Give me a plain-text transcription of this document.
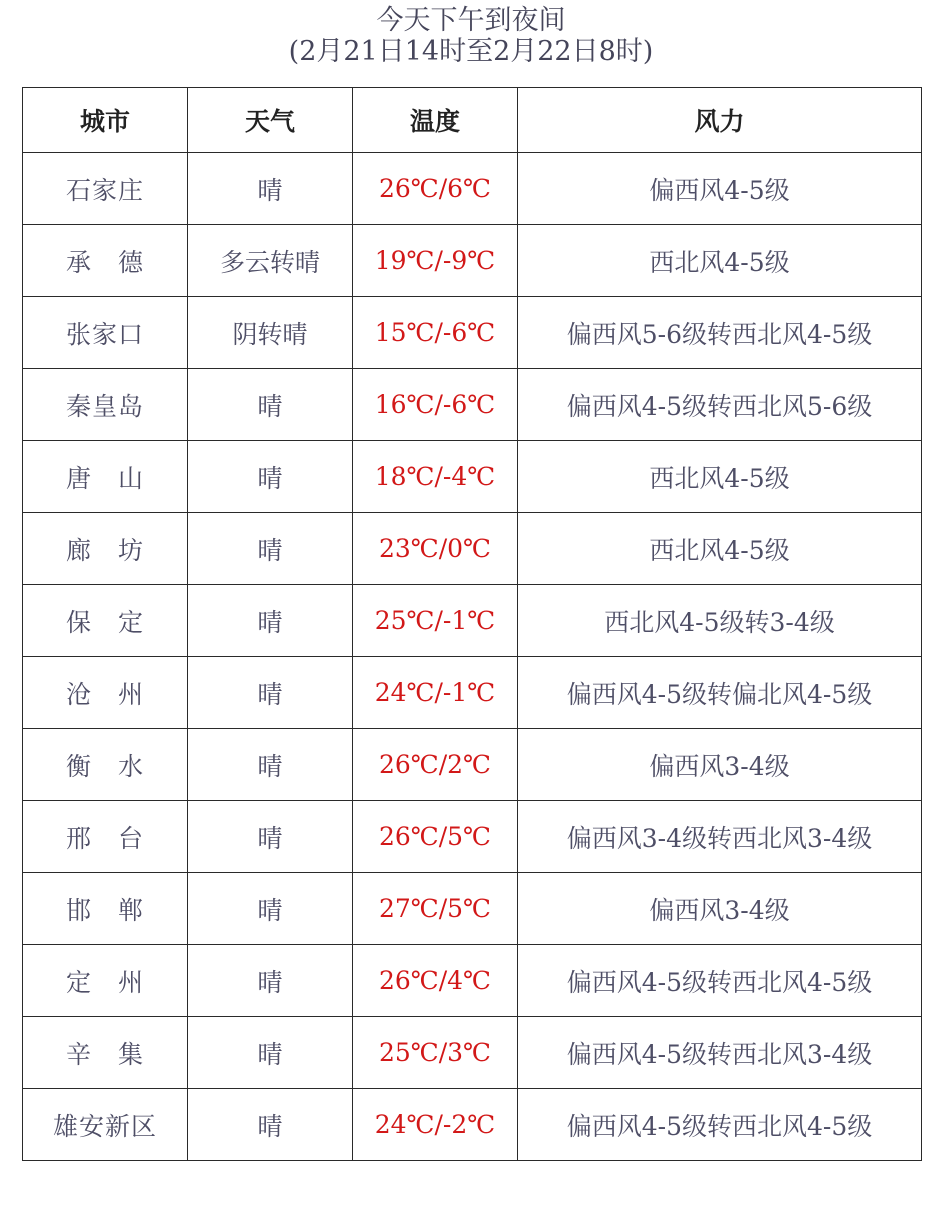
今天下午到夜间
(2月21日14时至2月22日8时)
城市	天气	温度	风力
石家庄	晴	26℃/6℃	偏西风4-5级
承　德	多云转晴	19℃/-9℃	西北风4-5级
张家口	阴转晴	15℃/-6℃	偏西风5-6级转西北风4-5级
秦皇岛	晴	16℃/-6℃	偏西风4-5级转西北风5-6级
唐　山	晴	18℃/-4℃	西北风4-5级
廊　坊	晴	23℃/0℃	西北风4-5级
保　定	晴	25℃/-1℃	西北风4-5级转3-4级
沧　州	晴	24℃/-1℃	偏西风4-5级转偏北风4-5级
衡　水	晴	26℃/2℃	偏西风3-4级
邢　台	晴	26℃/5℃	偏西风3-4级转西北风3-4级
邯　郸	晴	27℃/5℃	偏西风3-4级
定　州	晴	26℃/4℃	偏西风4-5级转西北风4-5级
辛　集	晴	25℃/3℃	偏西风4-5级转西北风3-4级
雄安新区	晴	24℃/-2℃	偏西风4-5级转西北风4-5级
